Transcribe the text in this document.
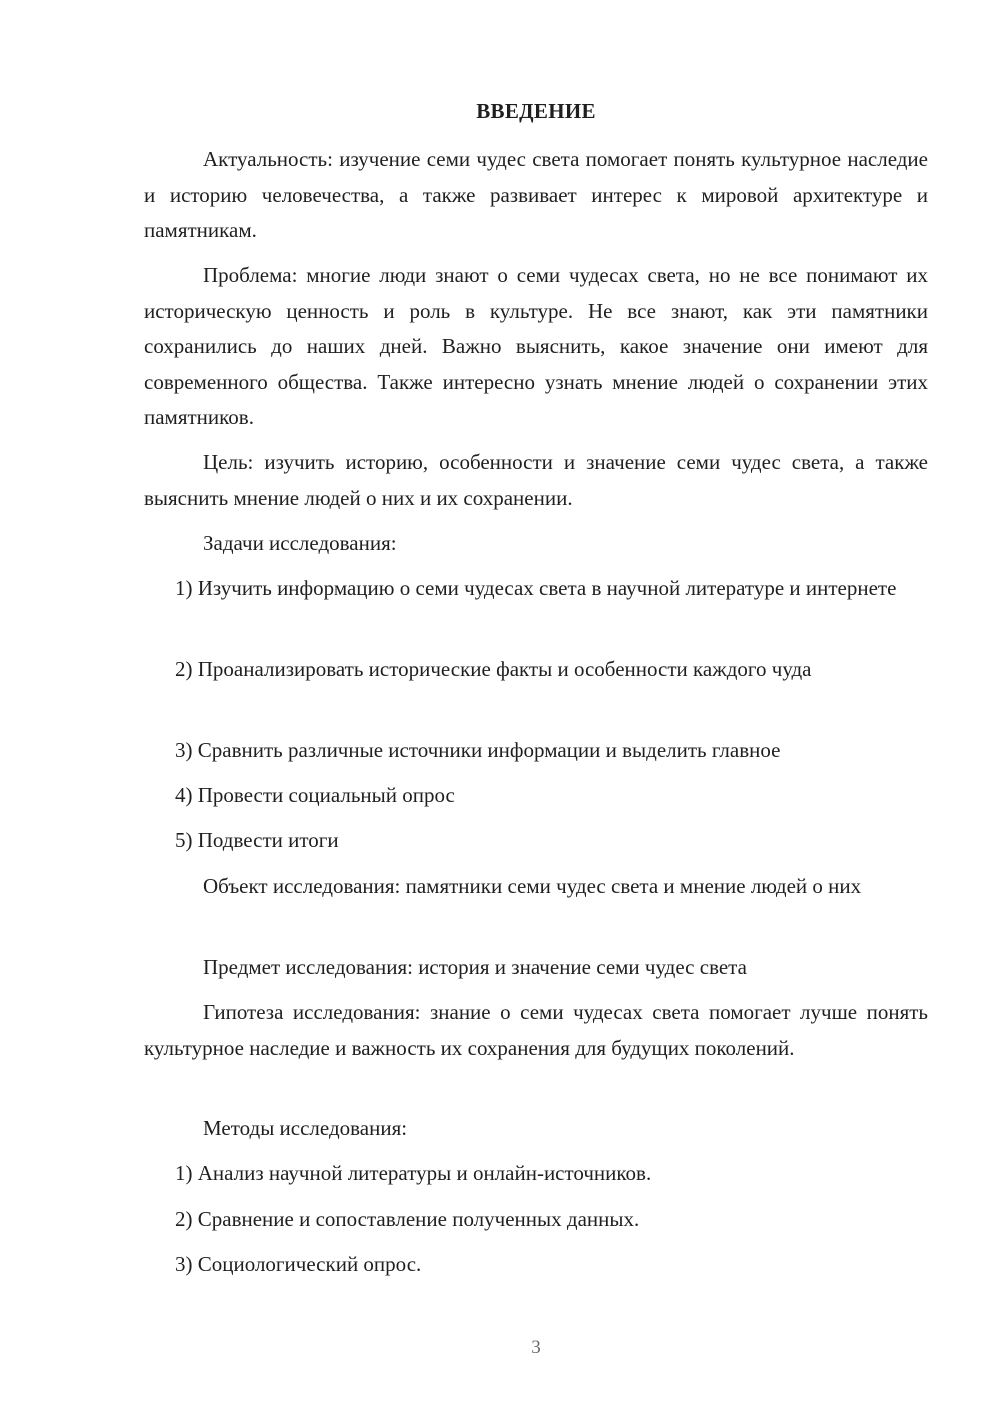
ВВЕДЕНИЕ

Актуальность: изучение семи чудес света помогает понять культурное наследие и историю человечества, а также развивает интерес к мировой архитектуре и памятникам.

Проблема: многие люди знают о семи чудесах света, но не все понимают их историческую ценность и роль в культуре. Не все знают, как эти памятники сохранились до наших дней. Важно выяснить, какое значение они имеют для современного общества. Также интересно узнать мнение людей о сохранении этих памятников.

Цель: изучить историю, особенности и значение семи чудес света, а также выяснить мнение людей о них и их сохранении.

Задачи исследования:

1) Изучить информацию о семи чудесах света в научной литературе и интернете

2) Проанализировать исторические факты и особенности каждого чуда

3) Сравнить различные источники информации и выделить главное

4) Провести социальный опрос

5) Подвести итоги

Объект исследования: памятники семи чудес света и мнение людей о них

Предмет исследования: история и значение семи чудес света

Гипотеза исследования: знание о семи чудесах света помогает лучше понять культурное наследие и важность их сохранения для будущих поколений.

Методы исследования:

1) Анализ научной литературы и онлайн-источников.

2) Сравнение и сопоставление полученных данных.

3) Социологический опрос.

3
